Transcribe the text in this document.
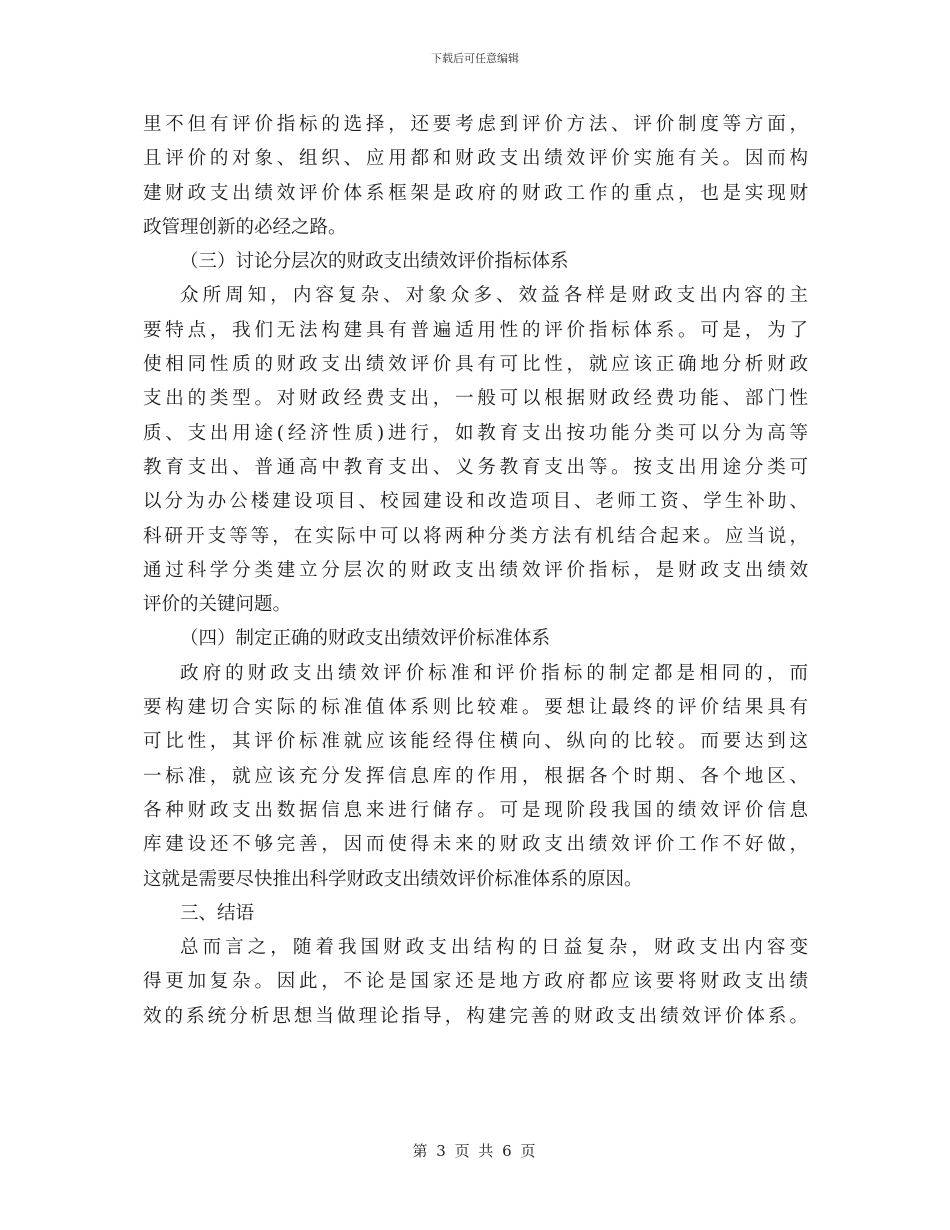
下载后可任意编辑
里不但有评价指标的选择，还要考虑到评价方法、评价制度等方面，
且评价的对象、组织、应用都和财政支出绩效评价实施有关。因而构
建财政支出绩效评价体系框架是政府的财政工作的重点，也是实现财
政管理创新的必经之路。
（三）讨论分层次的财政支出绩效评价指标体系
众所周知，内容复杂、对象众多、效益各样是财政支出内容的主
要特点，我们无法构建具有普遍适用性的评价指标体系。可是，为了
使相同性质的财政支出绩效评价具有可比性，就应该正确地分析财政
支出的类型。对财政经费支出，一般可以根据财政经费功能、部门性
质、支出用途(经济性质)进行，如教育支出按功能分类可以分为高等
教育支出、普通高中教育支出、义务教育支出等。按支出用途分类可
以分为办公楼建设项目、校园建设和改造项目、老师工资、学生补助、
科研开支等等，在实际中可以将两种分类方法有机结合起来。应当说，
通过科学分类建立分层次的财政支出绩效评价指标，是财政支出绩效
评价的关键问题。
（四）制定正确的财政支出绩效评价标准体系
政府的财政支出绩效评价标准和评价指标的制定都是相同的，而
要构建切合实际的标准值体系则比较难。要想让最终的评价结果具有
可比性，其评价标准就应该能经得住横向、纵向的比较。而要达到这
一标准，就应该充分发挥信息库的作用，根据各个时期、各个地区、
各种财政支出数据信息来进行储存。可是现阶段我国的绩效评价信息
库建设还不够完善，因而使得未来的财政支出绩效评价工作不好做，
这就是需要尽快推出科学财政支出绩效评价标准体系的原因。
三、结语
总而言之，随着我国财政支出结构的日益复杂，财政支出内容变
得更加复杂。因此，不论是国家还是地方政府都应该要将财政支出绩
效的系统分析思想当做理论指导，构建完善的财政支出绩效评价体系。
第 3 页 共 6 页
